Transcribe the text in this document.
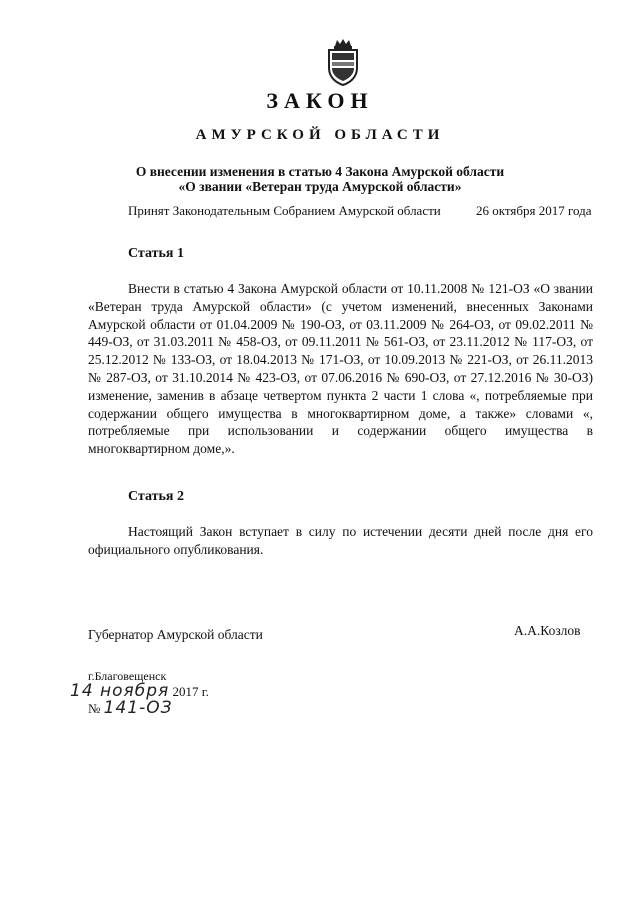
ЗАКОН
АМУРСКОЙ ОБЛАСТИ
О внесении изменения в статью 4 Закона Амурской области
«О звании «Ветеран труда Амурской области»
Принят Законодательным Собранием Амурской области	26 октября 2017 года
Статья 1

Внести в статью 4 Закона Амурской области от 10.11.2008 № 121-ОЗ «О звании «Ветеран труда Амурской области» (с учетом изменений, внесенных Законами Амурской области от 01.04.2009 № 190-ОЗ, от 03.11.2009 № 264-ОЗ, от 09.02.2011 № 449-ОЗ, от 31.03.2011 № 458-ОЗ, от 09.11.2011 № 561-ОЗ, от 23.11.2012 № 117-ОЗ, от 25.12.2012 № 133-ОЗ, от 18.04.2013 № 171-ОЗ, от 10.09.2013 № 221-ОЗ, от 26.11.2013 № 287-ОЗ, от 31.10.2014 № 423-ОЗ, от 07.06.2016 № 690-ОЗ, от 27.12.2016 № 30-ОЗ) изменение, заменив в абзаце четвертом пункта 2 части 1 слова «, потребляемые при содержании общего имущества в многоквартирном доме, а также» словами «, потребляемые при использовании и содержании общего имущества в многоквартирном доме,».

Статья 2

Настоящий Закон вступает в силу по истечении десяти дней после дня его официального опубликования.

Губернатор Амурской области	А.А.Козлов
г.Благовещенск
14 ноября 2017 г.
№ 141-ОЗ
